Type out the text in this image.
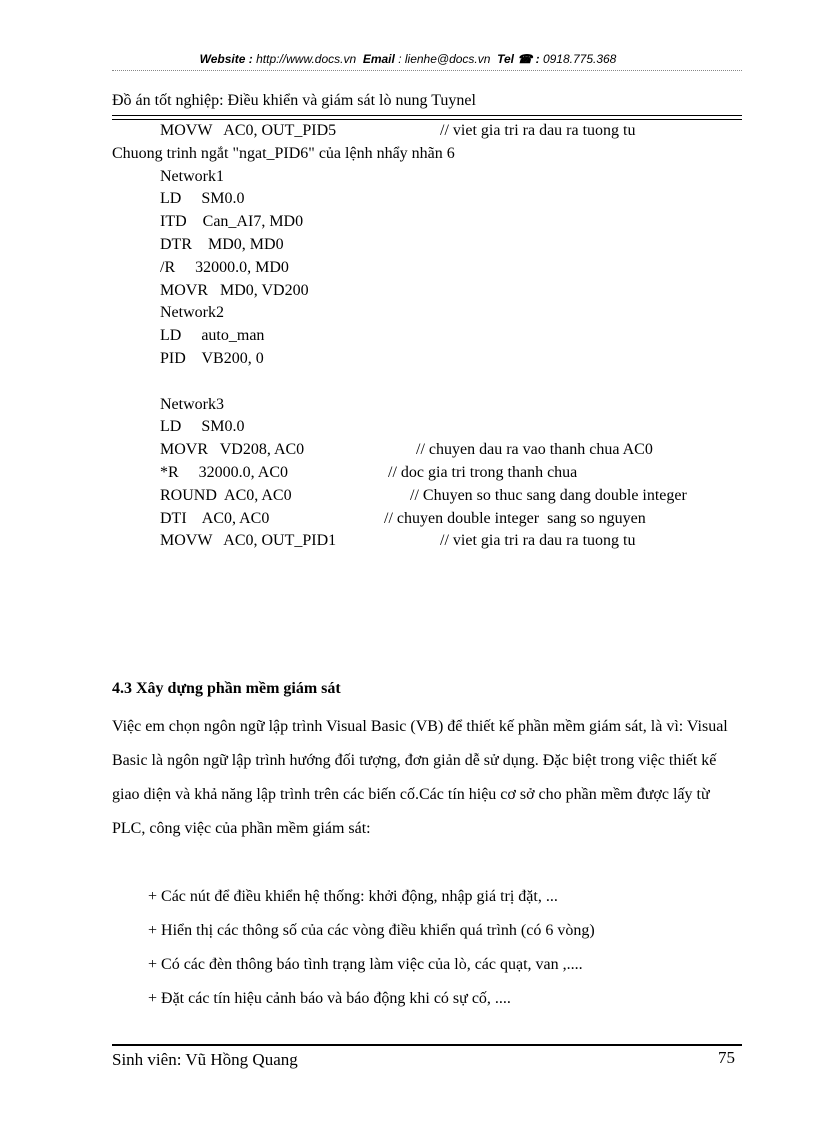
Website : http://www.docs.vn Email : lienhe@docs.vn Tel ☎ : 0918.775.368
Đồ án tốt nghiệp: Điều khiển và giám sát lò nung Tuynel
MOVW   AC0, OUT_PID5	// viet gia tri ra dau ra tuong tu
Chuong trinh ngắt "ngat_PID6" của lệnh nhẩy nhãn 6
Network1
LD     SM0.0
ITD    Can_AI7, MD0
DTR    MD0, MD0
/R     32000.0, MD0
MOVR   MD0, VD200
Network2
LD     auto_man
PID    VB200, 0
Network3
LD     SM0.0
MOVR   VD208, AC0	// chuyen dau ra vao thanh chua AC0
*R     32000.0, AC0	// doc gia tri trong thanh chua
ROUND  AC0, AC0	// Chuyen so thuc sang dang double integer
DTI    AC0, AC0	// chuyen double integer  sang so nguyen
MOVW   AC0, OUT_PID1	// viet gia tri ra dau ra tuong tu
4.3 Xây dựng phần mềm giám sát

Việc em chọn ngôn ngữ lập trình Visual Basic (VB) để thiết kế phần mềm giám sát, là vì: Visual Basic là ngôn ngữ lập trình hướng đối tượng, đơn giản dễ sử dụng. Đặc biệt trong việc thiết kế giao diện và khả năng lập trình trên các biến cố.Các tín hiệu cơ sở cho phần mềm được lấy từ PLC, công việc của phần mềm giám sát:

+ Các nút để điều khiển hệ thống: khởi động, nhập giá trị đặt, ...
+ Hiển thị các thông số của các vòng điều khiển quá trình (có 6 vòng)
+ Có các đèn thông báo tình trạng làm việc của lò, các quạt, van ,....
+ Đặt các tín hiệu cảnh báo và báo động khi có sự cố, ....
Sinh viên: Vũ Hồng Quang	75
